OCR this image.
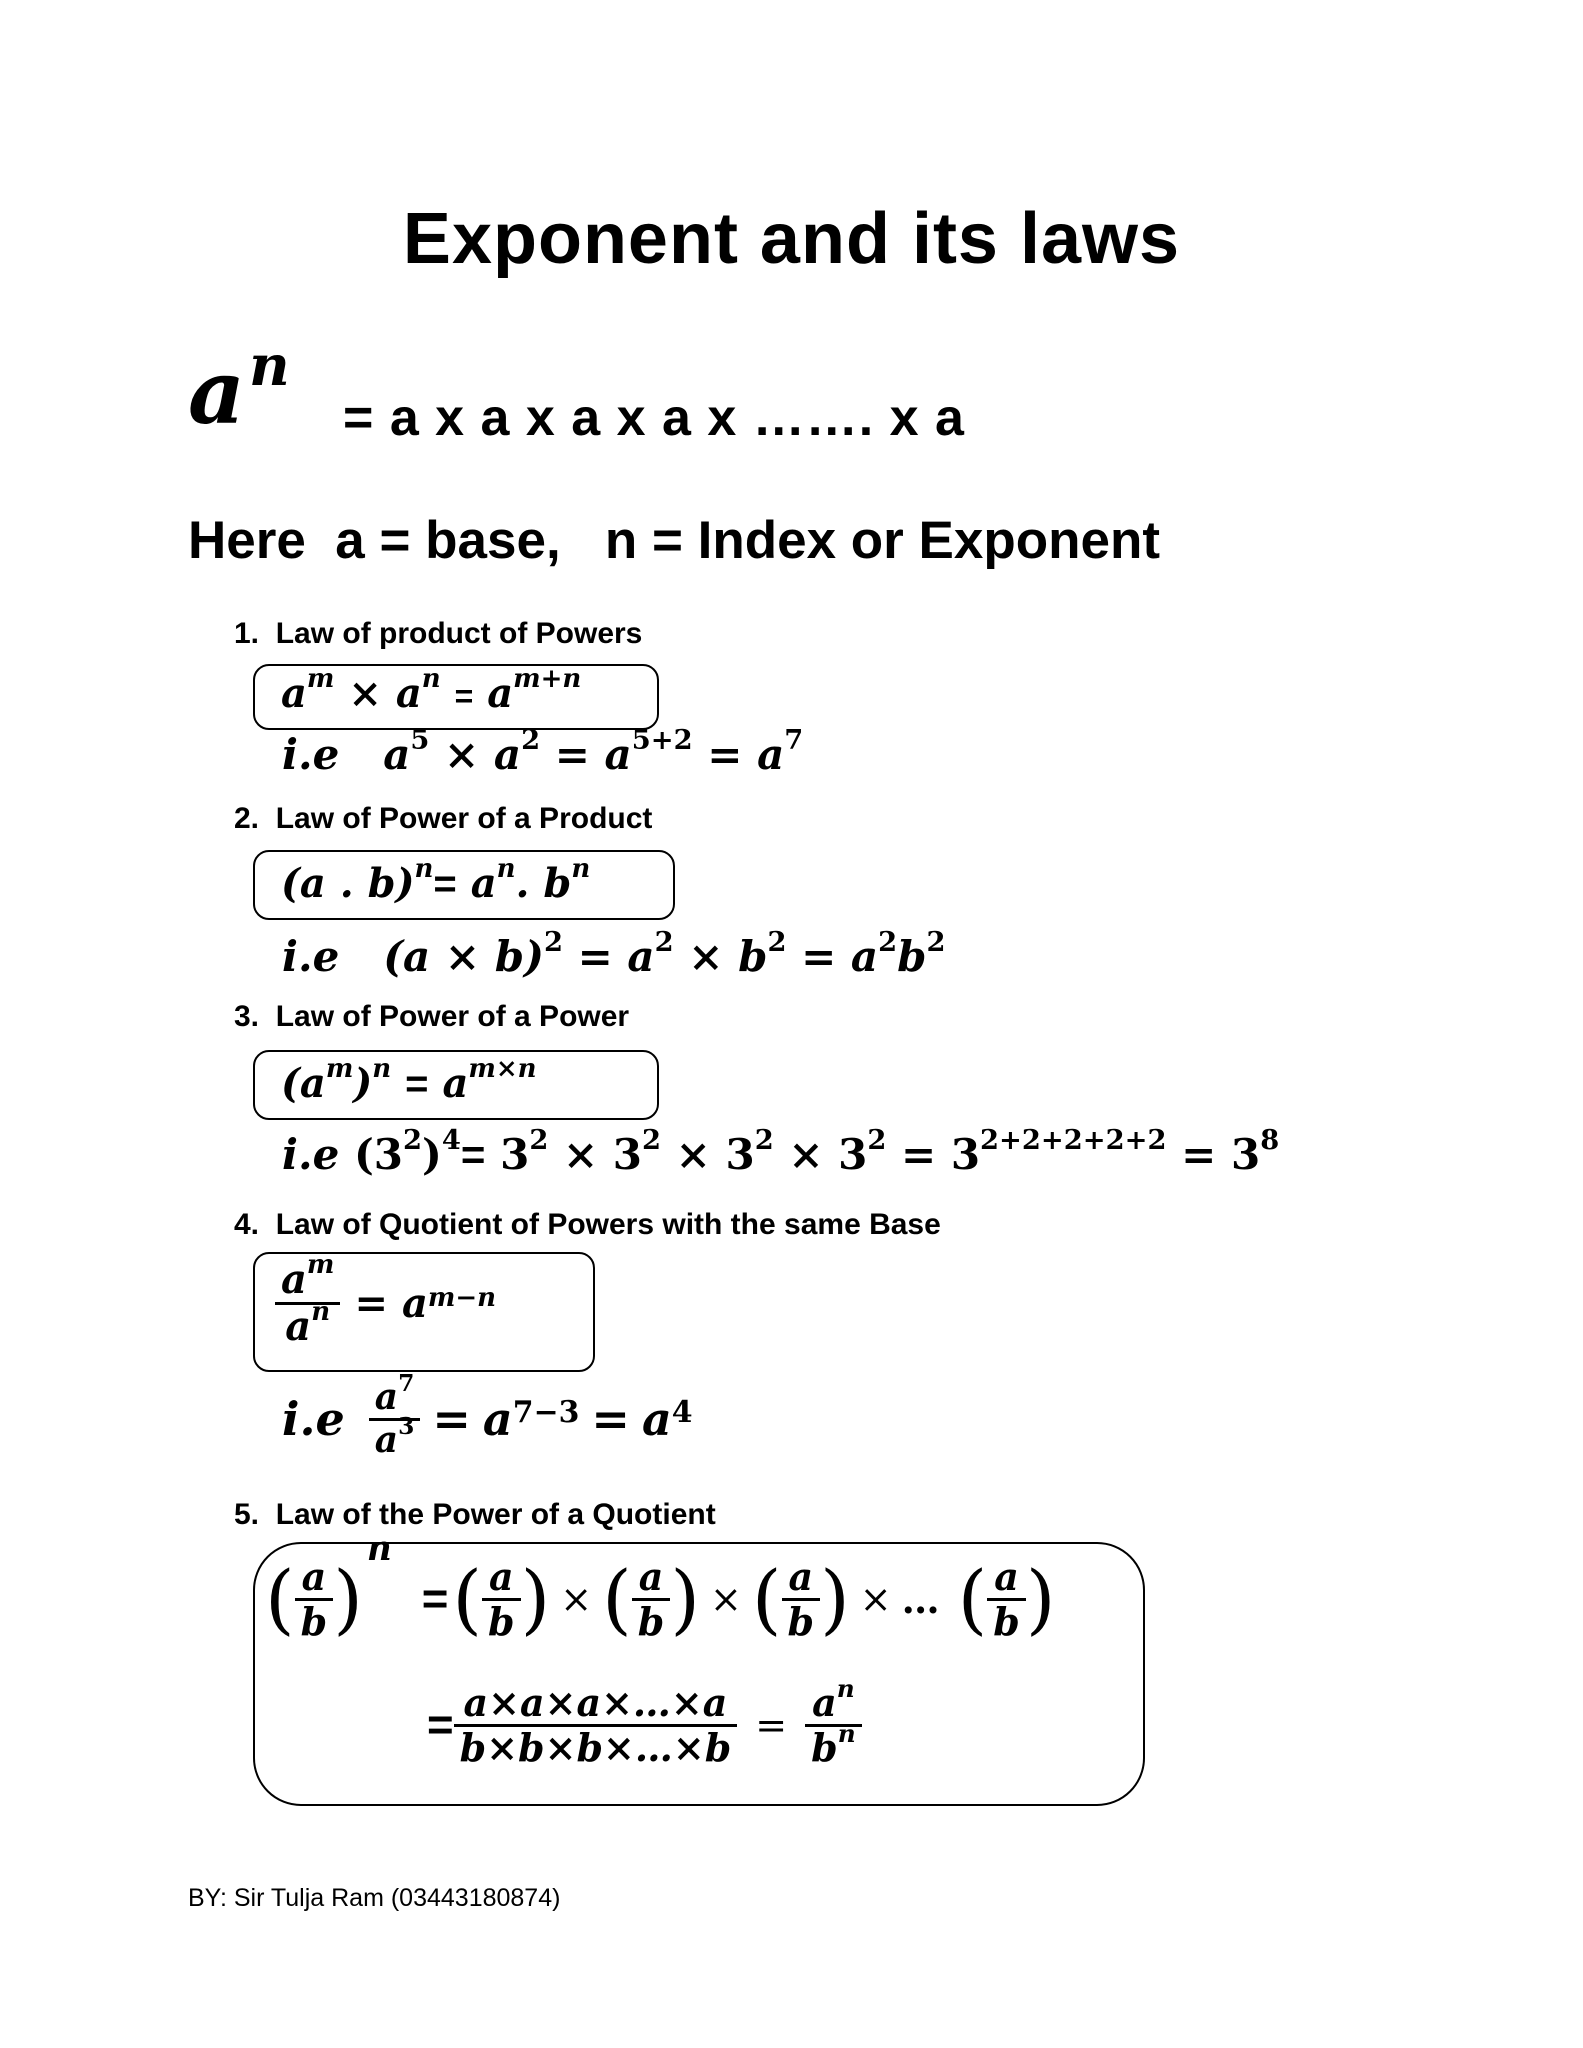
Exponent and its laws
$a^n$
= a x a x a x a x ……. x a
Here  a = base,   n = Index or Exponent
1.  Law of product of Powers
$a^m \times a^n = a^{m+n}$
i.e $a^5 \times a^2 = a^{5+2} = a^7$
2.  Law of Power of a Product
(a . $b)^n= a^n$. $b^n$
i.e $(a \times b)^2 = a^2 \times b^2 = a^2b^2$
3.  Law of Power of a Power
$(a^m)^n = a^{m\times n}$
i.e $(3^2)^4= 3^2 \times 3^2 \times 3^2 \times 3^2 = 3^{2+2+2+2+2} = 3^8$
4.  Law of Quotient of Powers with the same Base
$\frac{a^m}{a^n} = a^{m-n}$
$i.e \frac{a^7}{a^3} = a^{7-3} = a^4$
5.  Law of the Power of a Quotient
( $\frac{a}{b}$ )
$^n$
= ( $\frac{a}{b}$ ) × ( $\frac{a}{b}$ ) × ( $\frac{a}{b}$ ) × … ( $\frac{a}{b}$ )
= $\frac{a\times a\times a\times\dots\times a}{b\times b\times b\times\dots\times b} = \frac{a^n}{b^n}$
BY: Sir Tulja Ram (03443180874)
